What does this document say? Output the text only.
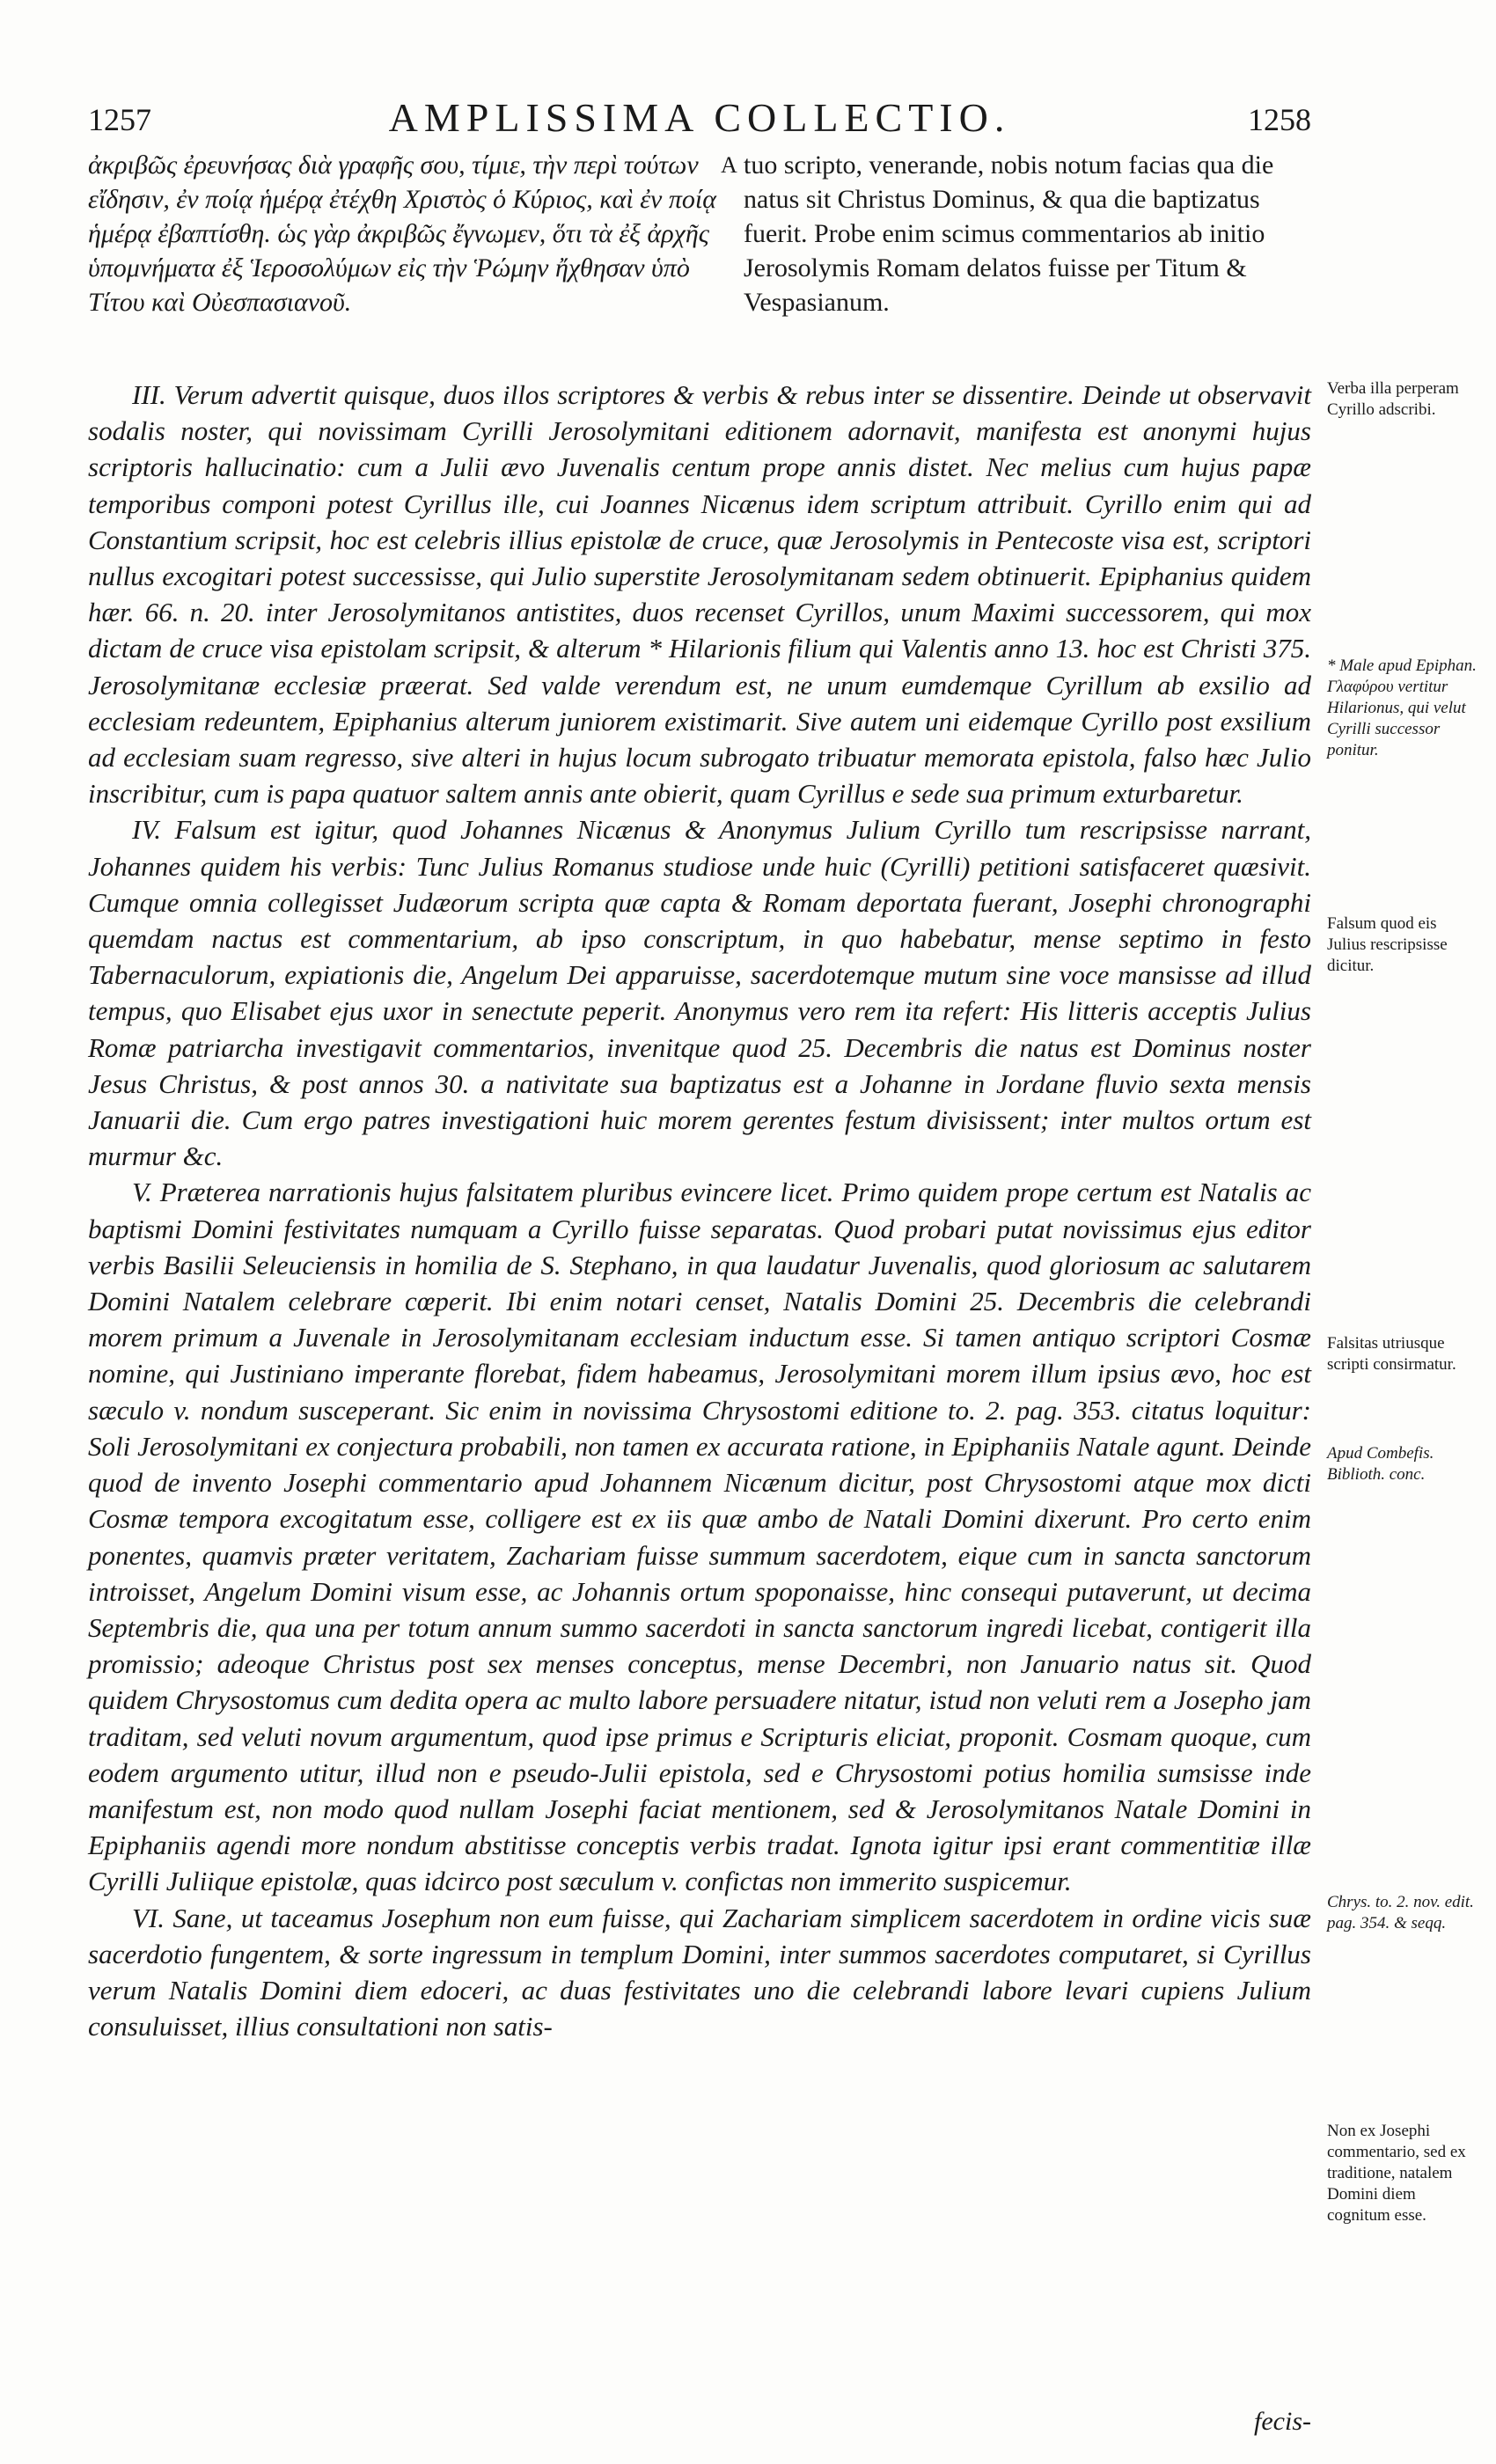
1257	AMPLISSIMA COLLECTIO.	1258
ἀκριβῶς ἐρευνήσας διὰ γραφῆς σου, τίμιε, τὴν περὶ τούτων εἴδησιν, ἐν ποίᾳ ἡμέρᾳ ἐτέχθη Χριστὸς ὁ Κύριος, καὶ ἐν ποίᾳ ἡμέρᾳ ἐβαπτίσθη. ὡς γὰρ ἀκριβῶς ἔγνωμεν, ὅτι τὰ ἐξ ἀρχῆς ὑπομνήματα ἐξ Ἱεροσολύμων εἰς τὴν Ῥώμην ἤχθησαν ὑπὸ Τίτου καὶ Οὐεσπασιανοῦ.
A tuo scripto, venerande, nobis notum facias qua die natus sit Christus Dominus, & qua die baptizatus fuerit. Probe enim scimus commentarios ab initio Jerosolymis Romam delatos fuisse per Titum & Vespasianum.

III. Verum advertit quisque, duos illos scriptores & verbis & rebus inter se dissentire. Deinde ut observavit sodalis noster, qui novissimam Cyrilli Jerosolymitani editionem adornavit, manifesta est anonymi hujus scriptoris hallucinatio: cum a Julii ævo Juvenalis centum prope annis distet. Nec melius cum hujus papæ temporibus componi potest Cyrillus ille, cui Joannes Nicænus idem scriptum attribuit. Cyrillo enim qui ad Constantium scripsit, hoc est celebris illius epistolæ de cruce, quæ Jerosolymis in Pentecoste visa est, scriptori nullus excogitari potest successisse, qui Julio superstite Jerosolymitanam sedem obtinuerit. Epiphanius quidem hær. 66. n. 20. inter Jerosolymitanos antistites, duos recenset Cyrillos, unum Maximi successorem, qui mox dictam de cruce visa epistolam scripsit, & alterum * Hilarionis filium qui Valentis anno 13. hoc est Christi 375. Jerosolymitanæ ecclesiæ præerat. Sed valde verendum est, ne unum eumdemque Cyrillum ab exsilio ad ecclesiam redeuntem, Epiphanius alterum juniorem existimarit. Sive autem uni eidemque Cyrillo post exsilium ad ecclesiam suam regresso, sive alteri in hujus locum subrogato tribuatur memorata epistola, falso hæc Julio inscribitur, cum is papa quatuor saltem annis ante obierit, quam Cyrillus e sede sua primum exturbaretur.

IV. Falsum est igitur, quod Johannes Nicænus & Anonymus Julium Cyrillo tum rescripsisse narrant, Johannes quidem his verbis: Tunc Julius Romanus studiose unde huic (Cyrilli) petitioni satisfaceret quæsivit. Cumque omnia collegisset Judæorum scripta quæ capta & Romam deportata fuerant, Josephi chronographi quemdam nactus est commentarium, ab ipso conscriptum, in quo habebatur, mense septimo in festo Tabernaculorum, expiationis die, Angelum Dei apparuisse, sacerdotemque mutum sine voce mansisse ad illud tempus, quo Elisabet ejus uxor in senectute peperit. Anonymus vero rem ita refert: His litteris acceptis Julius Romæ patriarcha investigavit commentarios, invenitque quod 25. Decembris die natus est Dominus noster Jesus Christus, & post annos 30. a nativitate sua baptizatus est a Johanne in Jordane fluvio sexta mensis Januarii die. Cum ergo patres investigationi huic morem gerentes festum divisissent; inter multos ortum est murmur &c.

V. Præterea narrationis hujus falsitatem pluribus evincere licet. Primo quidem prope certum est Natalis ac baptismi Domini festivitates numquam a Cyrillo fuisse separatas. Quod probari putat novissimus ejus editor verbis Basilii Seleuciensis in homilia de S. Stephano, in qua laudatur Juvenalis, quod gloriosum ac salutarem Domini Natalem celebrare cœperit. Ibi enim notari censet, Natalis Domini 25. Decembris die celebrandi morem primum a Juvenale in Jerosolymitanam ecclesiam inductum esse. Si tamen antiquo scriptori Cosmæ nomine, qui Justiniano imperante florebat, fidem habeamus, Jerosolymitani morem illum ipsius ævo, hoc est sæculo v. nondum susceperant. Sic enim in novissima Chrysostomi editione to. 2. pag. 353. citatus loquitur: Soli Jerosolymitani ex conjectura probabili, non tamen ex accurata ratione, in Epiphaniis Natale agunt. Deinde quod de invento Josephi commentario apud Johannem Nicænum dicitur, post Chrysostomi atque mox dicti Cosmæ tempora excogitatum esse, colligere est ex iis quæ ambo de Natali Domini dixerunt. Pro certo enim ponentes, quamvis præter veritatem, Zachariam fuisse summum sacerdotem, eique cum in sancta sanctorum introisset, Angelum Domini visum esse, ac Johannis ortum spoponaisse, hinc consequi putaverunt, ut decima Septembris die, qua una per totum annum summo sacerdoti in sancta sanctorum ingredi licebat, contigerit illa promissio; adeoque Christus post sex menses conceptus, mense Decembri, non Januario natus sit. Quod quidem Chrysostomus cum dedita opera ac multo labore persuadere nitatur, istud non veluti rem a Josepho jam traditam, sed veluti novum argumentum, quod ipse primus e Scripturis eliciat, proponit. Cosmam quoque, cum eodem argumento utitur, illud non e pseudo-Julii epistola, sed e Chrysostomi potius homilia sumsisse inde manifestum est, non modo quod nullam Josephi faciat mentionem, sed & Jerosolymitanos Natale Domini in Epiphaniis agendi more nondum abstitisse conceptis verbis tradat. Ignota igitur ipsi erant commentitiæ illæ Cyrilli Juliique epistolæ, quas idcirco post sæculum v. confictas non immerito suspicemur.

VI. Sane, ut taceamus Josephum non eum fuisse, qui Zachariam simplicem sacerdotem in ordine vicis suæ sacerdotio fungentem, & sorte ingressum in templum Domini, inter summos sacerdotes computaret, si Cyrillus verum Natalis Domini diem edoceri, ac duas festivitates uno die celebrandi labore levari cupiens Julium consuluisset, illius consultationi non satis-

fecis-
Verba illa perperam Cyrillo adscribi.
* Male apud Epiphan. Γλαφύρου vertitur Hilarionus, qui velut Cyrilli successor ponitur.
Falsum quod eis Julius rescripsisse dicitur.
Falsitas utriusque scripti consirmatur.
Apud Combefis. Biblioth. conc.
Chrys. to. 2. nov. edit. pag. 354. & seqq.
Non ex Josephi commentario, sed ex traditione, natalem Domini diem cognitum esse.
